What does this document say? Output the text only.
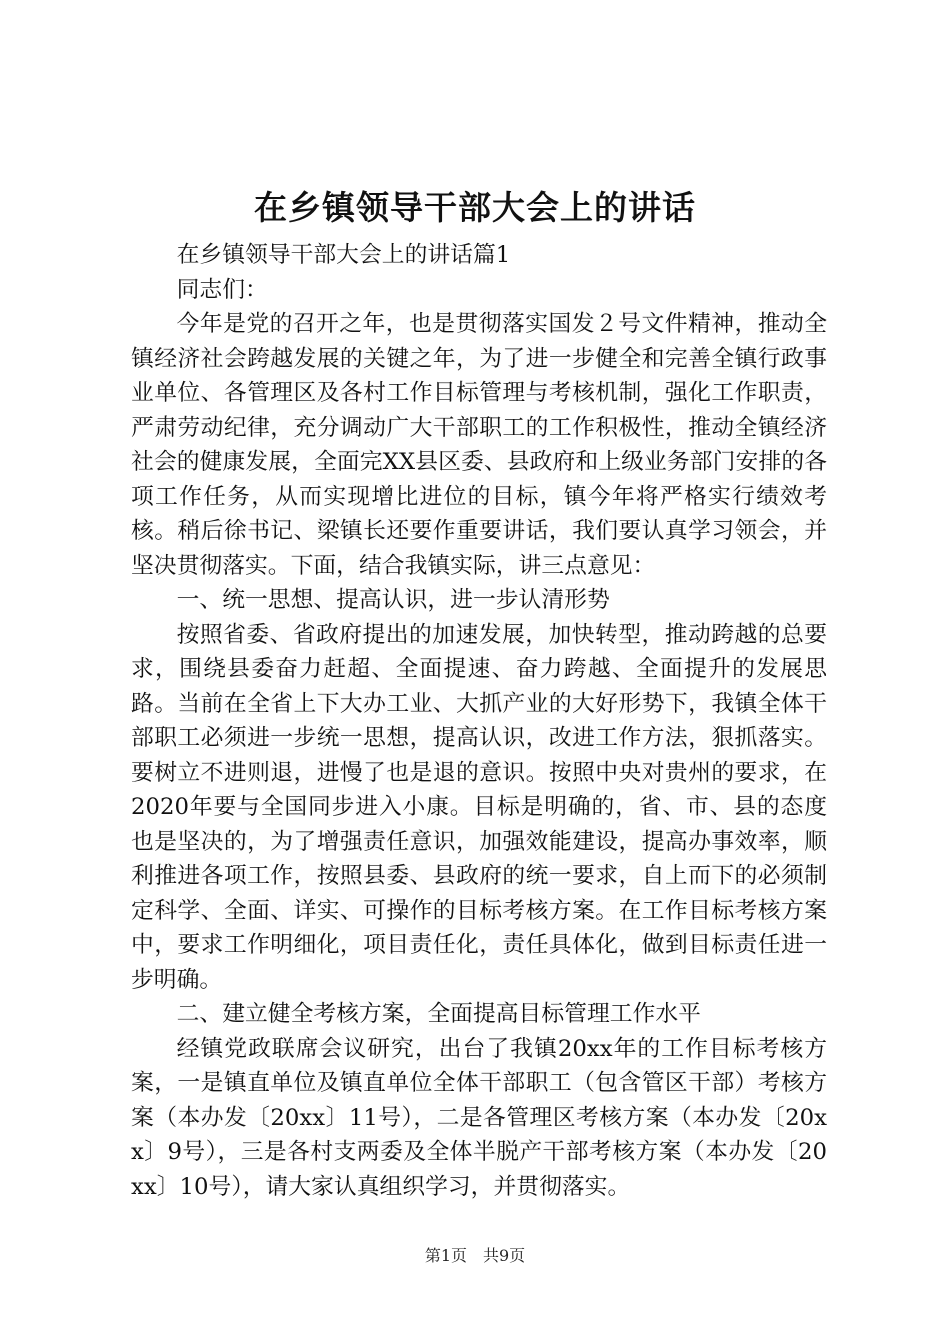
在乡镇领导干部大会上的讲话

在乡镇领导干部大会上的讲话篇1

同志们：

今年是党的召开之年，也是贯彻落实国发２号文件精神，推动全镇经济社会跨越发展的关键之年，为了进一步健全和完善全镇行政事业单位、各管理区及各村工作目标管理与考核机制，强化工作职责，严肃劳动纪律，充分调动广大干部职工的工作积极性，推动全镇经济社会的健康发展，全面完XX县区委、县政府和上级业务部门安排的各项工作任务，从而实现增比进位的目标，镇今年将严格实行绩效考核。稍后徐书记、梁镇长还要作重要讲话，我们要认真学习领会，并坚决贯彻落实。下面，结合我镇实际，讲三点意见：

一、统一思想、提高认识，进一步认清形势

按照省委、省政府提出的加速发展，加快转型，推动跨越的总要求，围绕县委奋力赶超、全面提速、奋力跨越、全面提升的发展思路。当前在全省上下大办工业、大抓产业的大好形势下，我镇全体干部职工必须进一步统一思想，提高认识，改进工作方法，狠抓落实。要树立不进则退，进慢了也是退的意识。按照中央对贵州的要求，在2020年要与全国同步进入小康。目标是明确的，省、市、县的态度也是坚决的，为了增强责任意识，加强效能建设，提高办事效率，顺利推进各项工作，按照县委、县政府的统一要求，自上而下的必须制定科学、全面、详实、可操作的目标考核方案。在工作目标考核方案中，要求工作明细化，项目责任化，责任具体化，做到目标责任进一步明确。

二、建立健全考核方案，全面提高目标管理工作水平

经镇党政联席会议研究，出台了我镇20xx年的工作目标考核方案，一是镇直单位及镇直单位全体干部职工（包含管区干部）考核方案（本办发〔20xx〕11号），二是各管理区考核方案（本办发〔20xx〕9号），三是各村支两委及全体半脱产干部考核方案（本办发〔20xx〕10号），请大家认真组织学习，并贯彻落实。

第1页　共9页
